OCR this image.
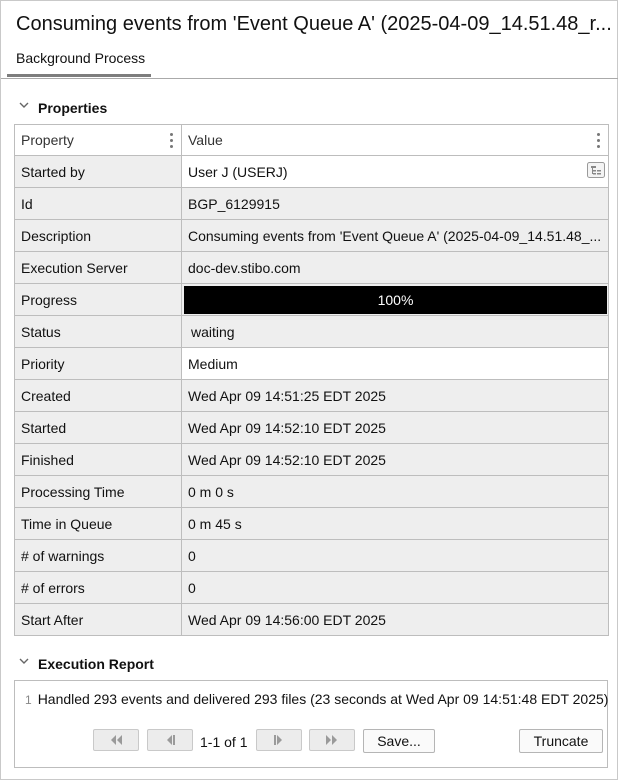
Consuming events from 'Event Queue A' (2025-04-09_14.51.48_r...
Background Process
Properties
Property	Value

Started by	User J (USERJ)

Id	BGP_6129915
Description	Consuming events from 'Event Queue A' (2025-04-09_14.51.48_...
Execution Server	doc-dev.stibo.com
Progress	100%

Status	waiting
Priority	Medium
Created	Wed Apr 09 14:51:25 EDT 2025
Started	Wed Apr 09 14:52:10 EDT 2025
Finished	Wed Apr 09 14:52:10 EDT 2025
Processing Time	0 m 0 s
Time in Queue	0 m 45 s
# of warnings	0
# of errors	0
Start After	Wed Apr 09 14:56:00 EDT 2025
Execution Report
1 Handled 293 events and delivered 293 files (23 seconds at Wed Apr 09 14:51:48 EDT 2025)
1-1 of 1	Save...	Truncate
